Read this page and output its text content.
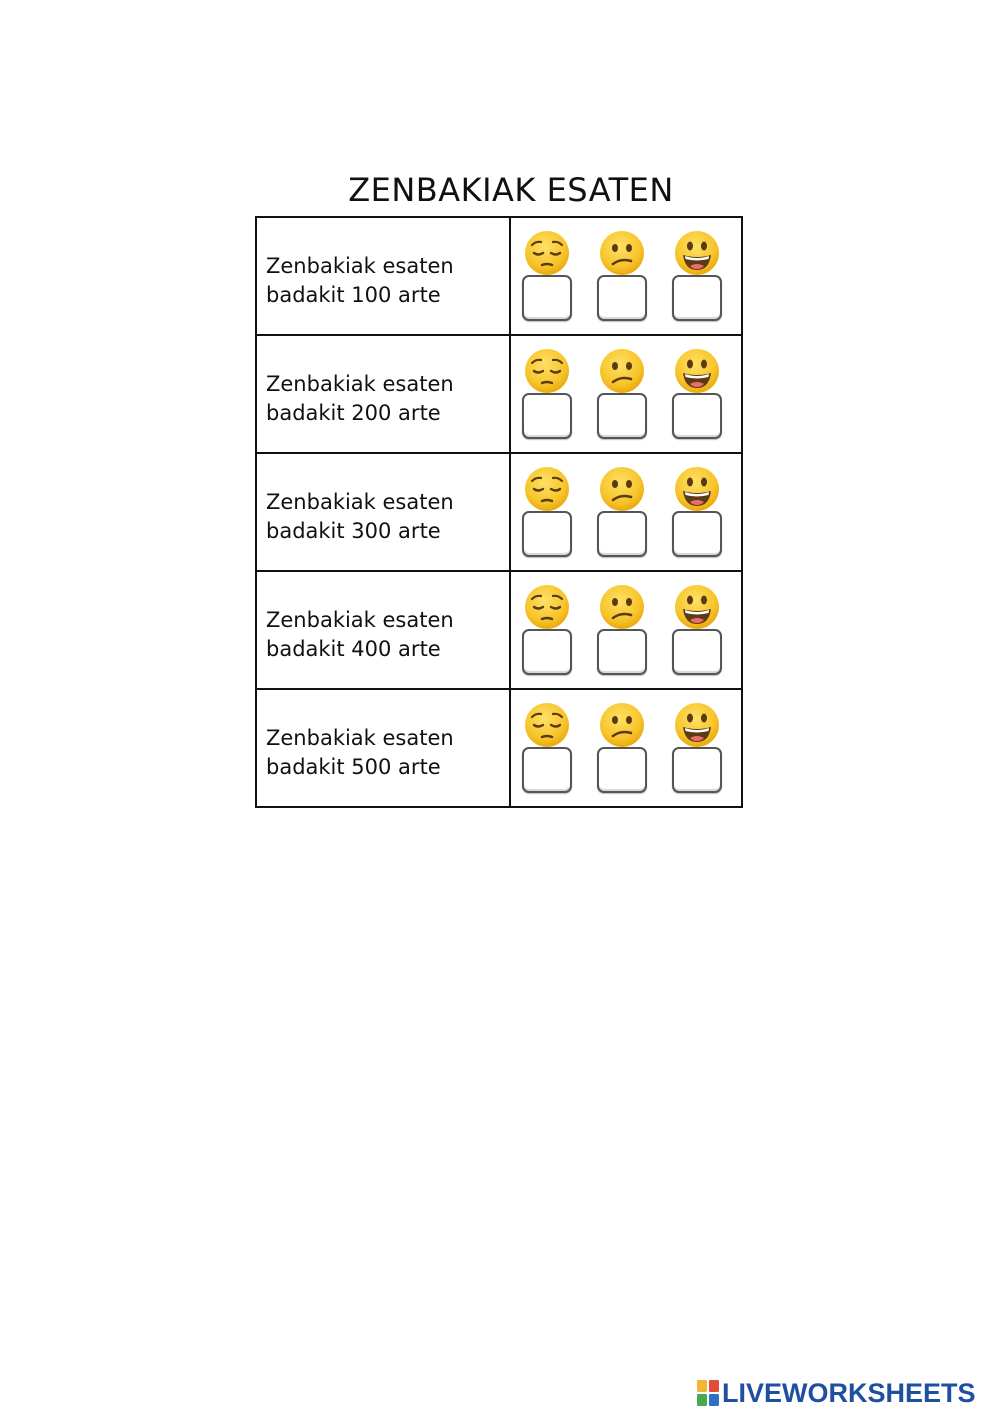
ZENBAKIAK ESATEN
Zenbakiak esaten
badakit 100 arte

Zenbakiak esaten
badakit 200 arte

Zenbakiak esaten
badakit 300 arte

Zenbakiak esaten
badakit 400 arte

Zenbakiak esaten
badakit 500 arte

LIVEWORKSHEETS
